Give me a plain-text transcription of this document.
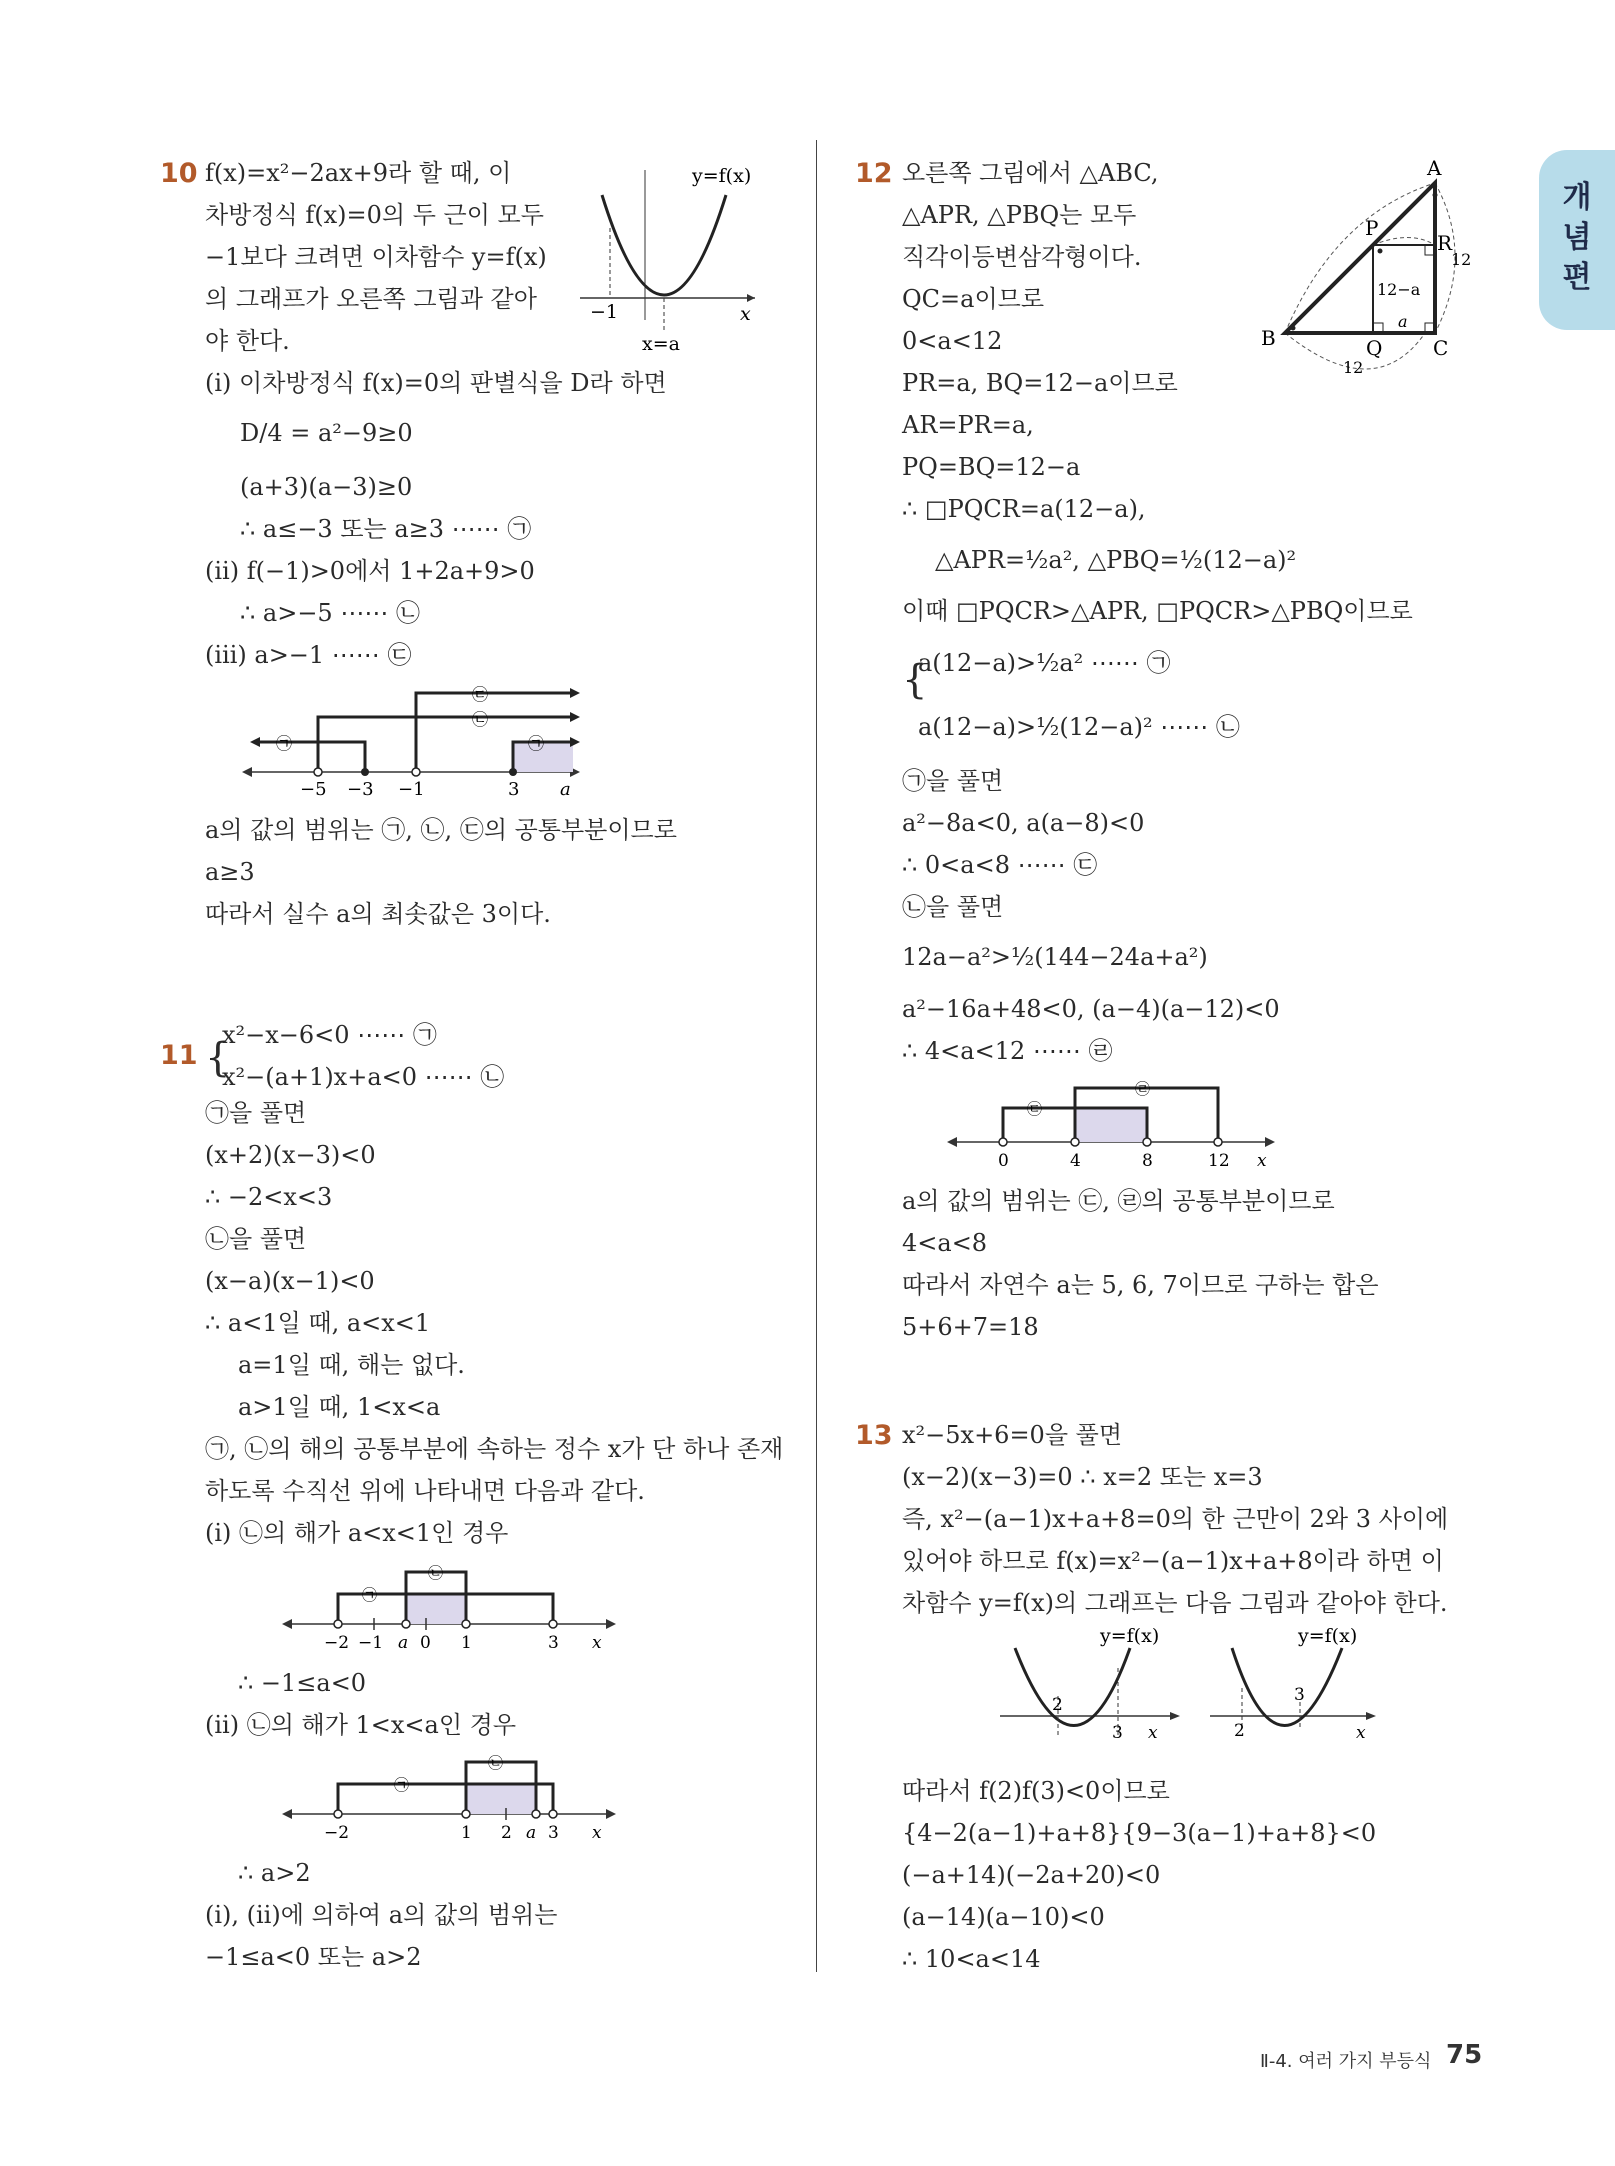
개념편
10 f(x)=x²−2ax+9라 할 때, 이
차방정식 f(x)=0의 두 근이 모두
−1보다 크려면 이차함수 y=f(x)
의 그래프가 오른쪽 그림과 같아
야 한다.
(ⅰ) 이차방정식 f(x)=0의 판별식을 D라 하면
D/4 = a²−9≥0
(a+3)(a−3)≥0
∴ a≤−3 또는 a≥3 ⋯⋯ ㉠
(ⅱ) f(−1)>0에서 1+2a+9>0
∴ a>−5 ⋯⋯ ㉡
(ⅲ) a>−1 ⋯⋯ ㉢
a의 값의 범위는 ㉠, ㉡, ㉢의 공통부분이므로
a≥3
따라서 실수 a의 최솟값은 3이다.
y=f(x)
−1	x
x=a
−5 −3 −1	3 a
㉠
㉡
㉢
㉠
11 {
x²−x−6<0 ⋯⋯ ㉠
x²−(a+1)x+a<0 ⋯⋯ ㉡
㉠을 풀면
(x+2)(x−3)<0
∴ −2<x<3
㉡을 풀면
(x−a)(x−1)<0
∴ a<1일 때, a<x<1
a=1일 때, 해는 없다.
a>1일 때, 1<x<a
㉠, ㉡의 해의 공통부분에 속하는 정수 x가 단 하나 존재
하도록 수직선 위에 나타내면 다음과 같다.
(ⅰ) ㉡의 해가 a<x<1인 경우
∴ −1≤a<0
(ⅱ) ㉡의 해가 1<x<a인 경우
∴ a>2
(ⅰ), (ⅱ)에 의하여 a의 값의 범위는
−1≤a<0 또는 a>2
−2 −1 a 0 1	3 x
㉠
㉡
−2	1 2 a 3 x
㉠
㉡
12 오른쪽 그림에서 △ABC,
△APR, △PBQ는 모두
직각이등변삼각형이다.
QC=a이므로
0<a<12
PR=a, BQ=12−a이므로
AR=PR=a,
PQ=BQ=12−a
∴ □PQCR=a(12−a),
△APR=½a², △PBQ=½(12−a)²
이때 □PQCR>△APR, □PQCR>△PBQ이므로
{
a(12−a)>½a² ⋯⋯ ㉠
a(12−a)>½(12−a)² ⋯⋯ ㉡
㉠을 풀면
a²−8a<0, a(a−8)<0
∴ 0<a<8 ⋯⋯ ㉢
㉡을 풀면
12a−a²>½(144−24a+a²)
a²−16a+48<0, (a−4)(a−12)<0
∴ 4<a<12 ⋯⋯ ㉣
a의 값의 범위는 ㉢, ㉣의 공통부분이므로
4<a<8
따라서 자연수 a는 5, 6, 7이므로 구하는 합은
5+6+7=18
A
B	C
P
Q
R
12
12−a
a
12
0	4	8	12 x
㉢
㉣
13 x²−5x+6=0을 풀면
(x−2)(x−3)=0 ∴ x=2 또는 x=3
즉, x²−(a−1)x+a+8=0의 한 근만이 2와 3 사이에
있어야 하므로 f(x)=x²−(a−1)x+a+8이라 하면 이
차함수 y=f(x)의 그래프는 다음 그림과 같아야 한다.
따라서 f(2)f(3)<0이므로
{4−2(a−1)+a+8}{9−3(a−1)+a+8}<0
(−a+14)(−2a+20)<0
(a−14)(a−10)<0
∴ 10<a<14
y=f(x)
2
3 x
y=f(x)
2
3
x
Ⅱ-4. 여러 가지 부등식 75
